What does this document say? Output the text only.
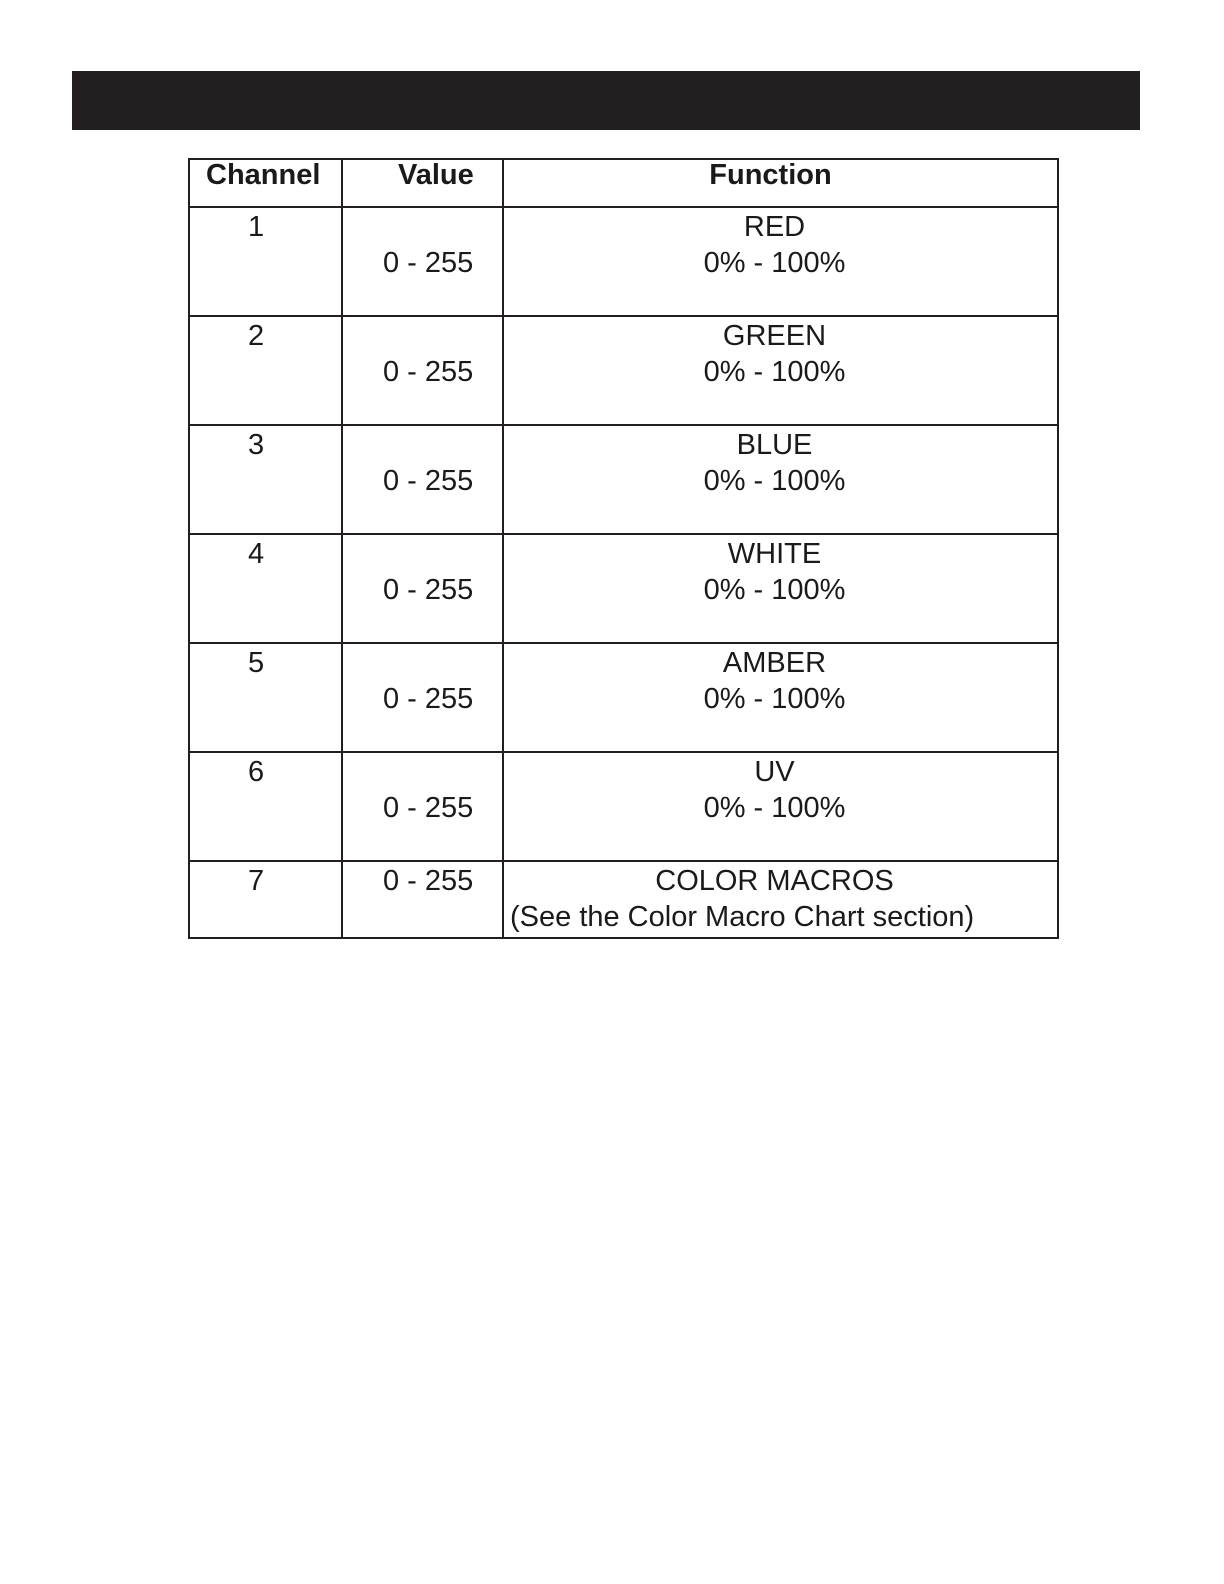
Channel	Value	Function
1	0 - 255	RED
0% - 100%

2	0 - 255	GREEN
0% - 100%

3	0 - 255	BLUE
0% - 100%

4	0 - 255	WHITE
0% - 100%

5	0 - 255	AMBER
0% - 100%

6	0 - 255	UV
0% - 100%

7	0 - 255	COLOR MACROS
(See the Color Macro Chart section)
